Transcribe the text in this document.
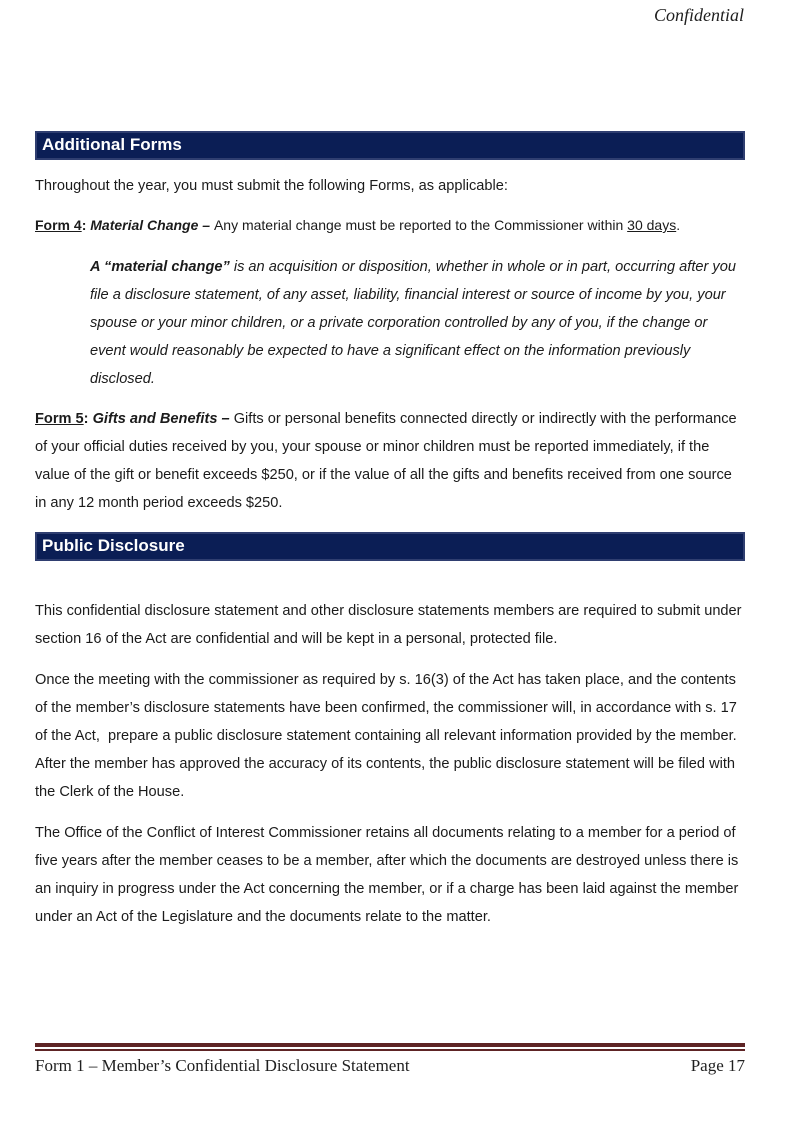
Confidential
Additional Forms

Throughout the year, you must submit the following Forms, as applicable:

Form 4: Material Change – Any material change must be reported to the Commissioner within 30 days.

A “material change” is an acquisition or disposition, whether in whole or in part, occurring after you file a disclosure statement, of any asset, liability, financial interest or source of income by you, your spouse or your minor children, or a private corporation controlled by any of you, if the change or event would reasonably be expected to have a significant effect on the information previously disclosed.

Form 5: Gifts and Benefits – Gifts or personal benefits connected directly or indirectly with the performance of your official duties received by you, your spouse or minor children must be reported immediately, if the value of the gift or benefit exceeds $250, or if the value of all the gifts and benefits received from one source in any 12 month period exceeds $250.

Public Disclosure

This confidential disclosure statement and other disclosure statements members are required to submit under section 16 of the Act are confidential and will be kept in a personal, protected file.

Once the meeting with the commissioner as required by s. 16(3) of the Act has taken place, and the contents of the member’s disclosure statements have been confirmed, the commissioner will, in accordance with s. 17 of the Act,  prepare a public disclosure statement containing all relevant information provided by the member.   After the member has approved the accuracy of its contents, the public disclosure statement will be filed with the Clerk of the House.

The Office of the Conflict of Interest Commissioner retains all documents relating to a member for a period of five years after the member ceases to be a member, after which the documents are destroyed unless there is an inquiry in progress under the Act concerning the member, or if a charge has been laid against the member under an Act of the Legislature and the documents relate to the matter.

Form 1 – Member’s Confidential Disclosure Statement	Page 17
